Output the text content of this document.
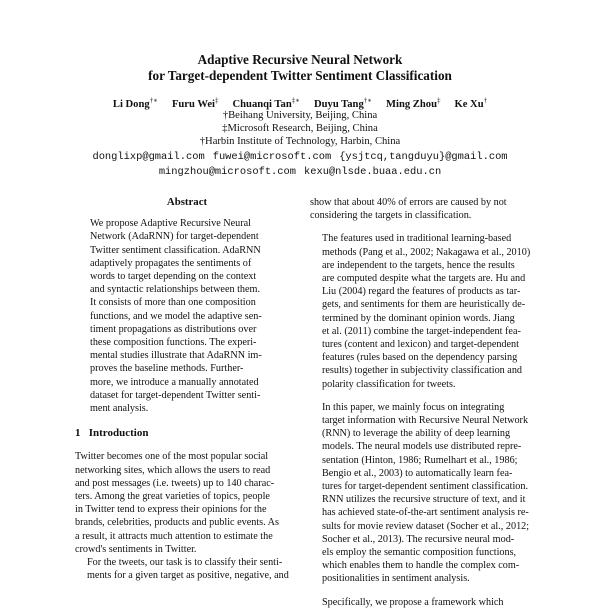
Adaptive Recursive Neural Network
for Target-dependent Twitter Sentiment Classification
Li Dong†∗ Furu Wei‡ Chuanqi Tan‡∗ Duyu Tang†∗ Ming Zhou‡ Ke Xu†
†Beihang University, Beijing, China
‡Microsoft Research, Beijing, China
†Harbin Institute of Technology, Harbin, China
donglixp@gmail.com fuwei@microsoft.com {ysjtcq,tangduyu}@gmail.com
mingzhou@microsoft.com kexu@nlsde.buaa.edu.cn
Abstract
We propose Adaptive Recursive Neural
Network (AdaRNN) for target-dependent
Twitter sentiment classification. AdaRNN
adaptively propagates the sentiments of
words to target depending on the context
and syntactic relationships between them.
It consists of more than one composition
functions, and we model the adaptive sen-
timent propagations as distributions over
these composition functions. The experi-
mental studies illustrate that AdaRNN im-
proves the baseline methods. Further-
more, we introduce a manually annotated
dataset for target-dependent Twitter senti-
ment analysis.
1   Introduction
Twitter becomes one of the most popular social
networking sites, which allows the users to read
and post messages (i.e. tweets) up to 140 charac-
ters. Among the great varieties of topics, people
in Twitter tend to express their opinions for the
brands, celebrities, products and public events. As
a result, it attracts much attention to estimate the
crowd's sentiments in Twitter.
For the tweets, our task is to classify their senti-
ments for a given target as positive, negative, and
show that about 40% of errors are caused by not
considering the targets in classification.
The features used in traditional learning-based
methods (Pang et al., 2002; Nakagawa et al., 2010)
are independent to the targets, hence the results
are computed despite what the targets are. Hu and
Liu (2004) regard the features of products as tar-
gets, and sentiments for them are heuristically de-
termined by the dominant opinion words. Jiang
et al. (2011) combine the target-independent fea-
tures (content and lexicon) and target-dependent
features (rules based on the dependency parsing
results) together in subjectivity classification and
polarity classification for tweets.
In this paper, we mainly focus on integrating
target information with Recursive Neural Network
(RNN) to leverage the ability of deep learning
models. The neural models use distributed repre-
sentation (Hinton, 1986; Rumelhart et al., 1986;
Bengio et al., 2003) to automatically learn fea-
tures for target-dependent sentiment classification.
RNN utilizes the recursive structure of text, and it
has achieved state-of-the-art sentiment analysis re-
sults for movie review dataset (Socher et al., 2012;
Socher et al., 2013). The recursive neural mod-
els employ the semantic composition functions,
which enables them to handle the complex com-
positionalities in sentiment analysis.
Specifically, we propose a framework which
